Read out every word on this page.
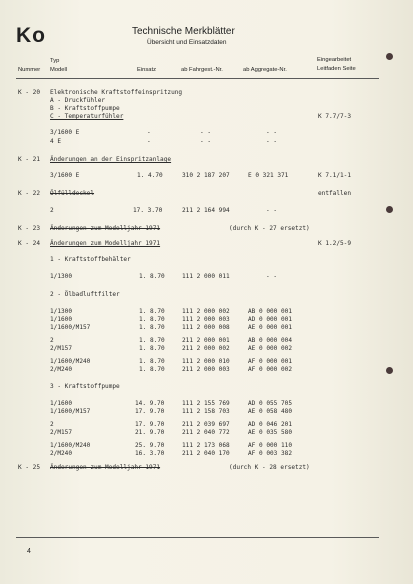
Ko	Technische Merkblätter
Übersicht und Einsatzdaten
Typ
Nummer Modell	Einsatz	ab Fahrgest.-Nr.	ab Aggregate-Nr.
Eingearbeitet
Leitfaden Seite
K - 20 Elektronische Kraftstoffeinspritzung
A - Druckfühler
B - Kraftstoffpumpe
C - Temperaturfühler	K 7.7/7-3
3/1600 E	-	- -	- -
4 E	-	- -	- -
K - 21 Änderungen an der Einspritzanlage
3/1600 E	1. 4.70	310 2 187 207	E 0 321 371	K 7.1/1-1
K - 22 Ölfülldeckel	entfallen
2	17. 3.70	211 2 164 994	- -
K - 23 Änderungen zum Modelljahr 1971	(durch K - 27 ersetzt)
K - 24 Änderungen zum Modelljahr 1971	K 1.2/5-9
1 - Kraftstoffbehälter
1/1300	1. 8.70	111 2 000 011	- -
2 - Ölbadluftfilter
1/1300	1. 8.70	111 2 000 002	AB 0 000 001
1/1600	1. 8.70	111 2 000 003	AD 0 000 001
1/1600/M157	1. 8.70	111 2 000 008	AE 0 000 001
2	1. 8.70	211 2 000 001	AB 0 000 004
2/M157	1. 8.70	211 2 000 002	AE 0 000 002
1/1600/M240	1. 8.70	111 2 000 010	AF 0 000 001
2/M240	1. 8.70	211 2 000 003	AF 0 000 002
3 - Kraftstoffpumpe
1/1600	14. 9.70	111 2 155 769	AD 0 055 705
1/1600/M157	17. 9.70	111 2 158 703	AE 0 058 480
2	17. 9.70	211 2 039 697	AD 0 046 201
2/M157	21. 9.70	211 2 040 772	AE 0 035 580
1/1600/M240	25. 9.70	111 2 173 068	AF 0 000 110
2/M240	16. 3.70	211 2 040 170	AF 0 003 382
K - 25 Änderungen zum Modelljahr 1971	(durch K - 28 ersetzt)
4
